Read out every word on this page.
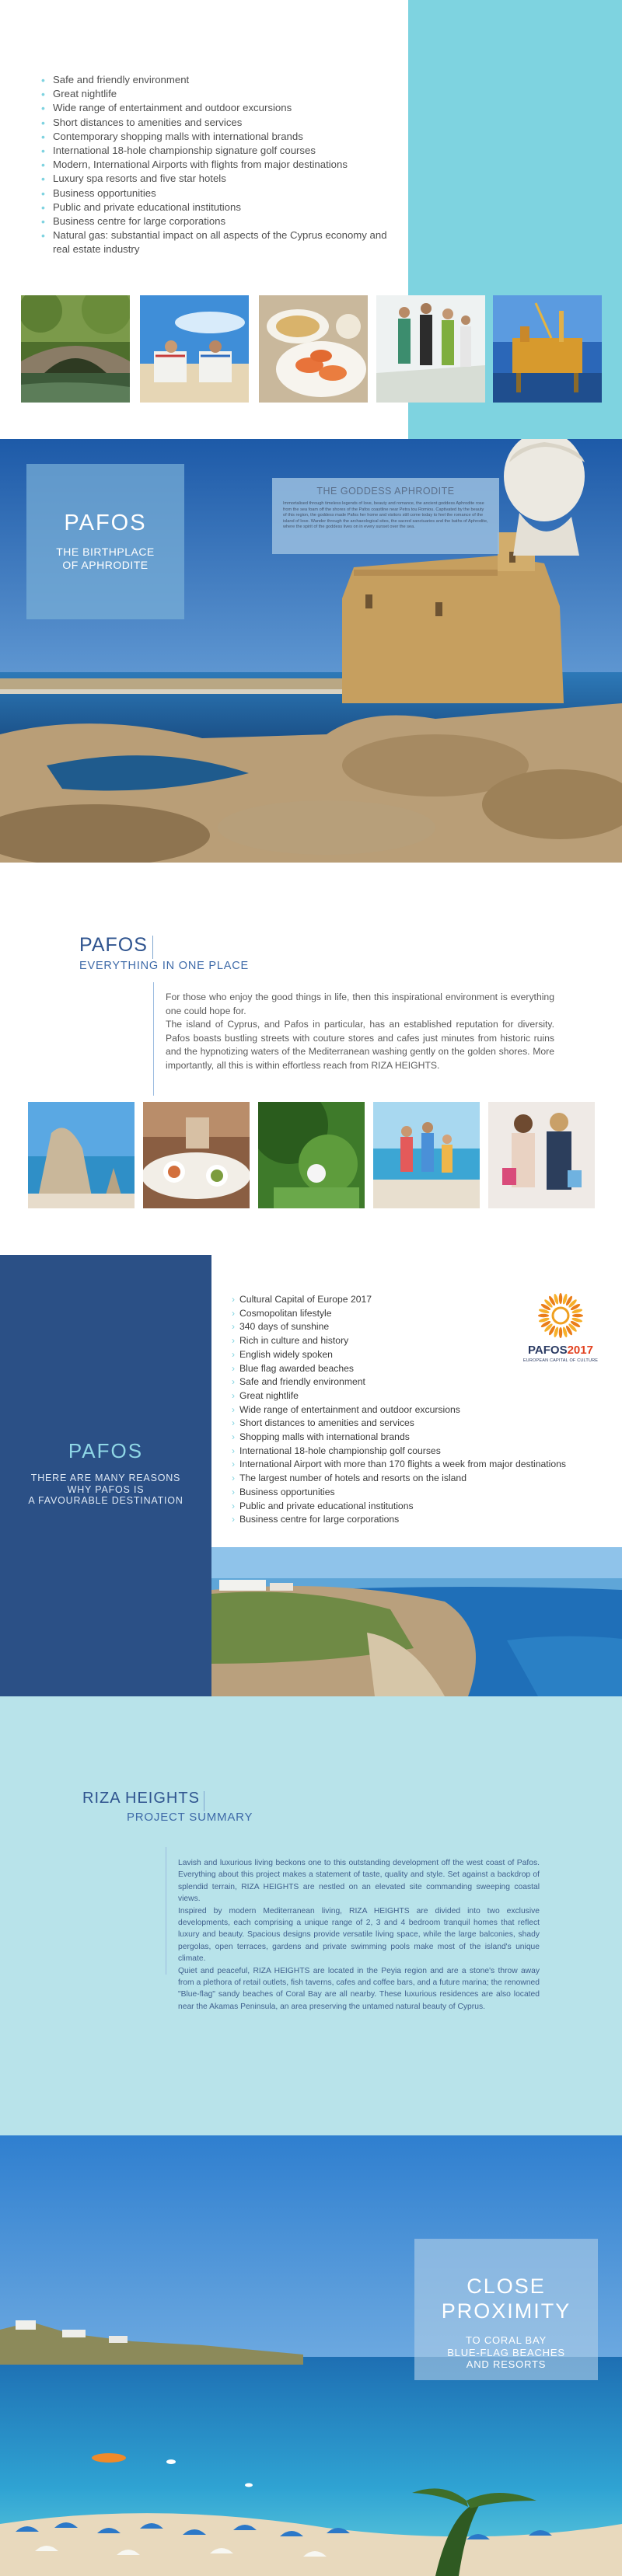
• Safe and friendly environment
• Great nightlife
• Wide range of entertainment and outdoor excursions
• Short distances to amenities and services
• Contemporary shopping malls with international brands
• International 18-hole championship signature golf courses
• Modern, International Airports with flights from major destinations
• Luxury spa resorts and five star hotels
• Business opportunities
• Public and private educational institutions
• Business centre for large corporations
• Natural gas: substantial impact on all aspects of the Cyprus economy and real estate industry
PAFOS
THE BIRTHPLACE
OF APHRODITE
THE GODDESS APHRODITE
Immortalised through timeless legends of love, beauty and romance, the ancient goddess Aphrodite rose from the sea foam off the shores of the Pafos coastline near Petra tou Romiou. Captivated by the beauty of this region, the goddess made Pafos her home and visitors still come today to feel the romance of the island of love. Wander through the archaeological sites, the sacred sanctuaries and the baths of Aphrodite, where the spirit of the goddess lives on in every sunset over the sea.
PAFOS
EVERYTHING IN ONE PLACE

For those who enjoy the good things in life, then this inspirational environment is everything one could hope for.

The island of Cyprus, and Pafos in particular, has an established reputation for diversity. Pafos boasts bustling streets with couture stores and cafes just minutes from historic ruins and the hypnotizing waters of the Mediterranean washing gently on the golden shores. More importantly, all this is within effortless reach from RIZA HEIGHTS.

PAFOS
THERE ARE MANY REASONS
WHY PAFOS IS
A FAVOURABLE DESTINATION
› Cultural Capital of Europe 2017
› Cosmopolitan lifestyle
› 340 days of sunshine
› Rich in culture and history
› English widely spoken
› Blue flag awarded beaches
› Safe and friendly environment
› Great nightlife
› Wide range of entertainment and outdoor excursions
› Short distances to amenities and services
› Shopping malls with international brands
› International 18-hole championship golf courses
› International Airport with more than 170 flights a week from major destinations
› The largest number of hotels and resorts on the island
› Business opportunities
› Public and private educational institutions
› Business centre for large corporations
PAFOS2017
EUROPEAN CAPITAL OF CULTURE
RIZA HEIGHTS
PROJECT SUMMARY

Lavish and luxurious living beckons one to this outstanding development off the west coast of Pafos. Everything about this project makes a statement of taste, quality and style. Set against a backdrop of splendid terrain, RIZA HEIGHTS are nestled on an elevated site commanding sweeping coastal views.

Inspired by modern Mediterranean living, RIZA HEIGHTS are divided into two exclusive developments, each comprising a unique range of 2, 3 and 4 bedroom tranquil homes that reflect luxury and beauty. Spacious designs provide versatile living space, while the large balconies, shady pergolas, open terraces, gardens and private swimming pools make most of the island's unique climate.

Quiet and peaceful, RIZA HEIGHTS are located in the Peyia region and are a stone's throw away from a plethora of retail outlets, fish taverns, cafes and coffee bars, and a future marina; the renowned "Blue-flag" sandy beaches of Coral Bay are all nearby. These luxurious residences are also located near the Akamas Peninsula, an area preserving the untamed natural beauty of Cyprus.

CLOSE
PROXIMITY
TO CORAL BAY
BLUE-FLAG BEACHES
AND RESORTS
